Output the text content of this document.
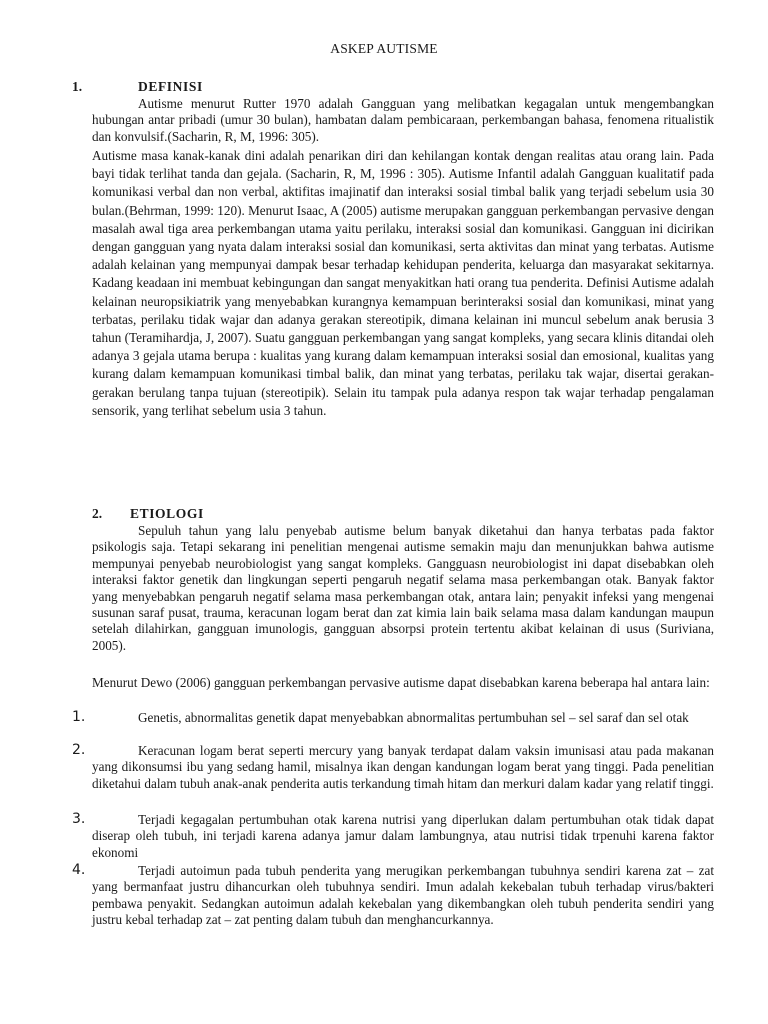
ASKEP AUTISME
1.	DEFINISI

Autisme menurut Rutter 1970 adalah Gangguan yang melibatkan kegagalan untuk mengembangkan hubungan antar pribadi (umur 30 bulan), hambatan dalam pembicaraan, perkembangan bahasa, fenomena ritualistik dan konvulsif.(Sacharin, R, M, 1996: 305).

Autisme masa kanak-kanak dini adalah penarikan diri dan kehilangan kontak dengan realitas atau orang lain. Pada bayi tidak terlihat tanda dan gejala. (Sacharin, R, M, 1996 : 305). Autisme Infantil adalah Gangguan kualitatif pada komunikasi verbal dan non verbal, aktifitas imajinatif dan interaksi sosial timbal balik yang terjadi sebelum usia 30 bulan.(Behrman, 1999: 120). Menurut Isaac, A (2005) autisme merupakan gangguan perkembangan pervasive dengan masalah awal tiga area perkembangan utama yaitu perilaku, interaksi sosial dan komunikasi. Gangguan ini dicirikan dengan gangguan yang nyata dalam interaksi sosial dan komunikasi, serta aktivitas dan minat yang terbatas. Autisme adalah kelainan yang mempunyai dampak besar terhadap kehidupan penderita, keluarga dan masyarakat sekitarnya. Kadang keadaan ini membuat kebingungan dan sangat menyakitkan hati orang tua penderita. Definisi Autisme adalah kelainan neuropsikiatrik yang menyebabkan kurangnya kemampuan berinteraksi sosial dan komunikasi, minat yang terbatas, perilaku tidak wajar dan adanya gerakan stereotipik, dimana kelainan ini muncul sebelum anak berusia 3 tahun (Teramihardja, J, 2007). Suatu gangguan perkembangan yang sangat kompleks, yang secara klinis ditandai oleh adanya 3 gejala utama berupa : kualitas yang kurang dalam kemampuan interaksi sosial dan emosional, kualitas yang kurang dalam kemampuan komunikasi timbal balik, dan minat yang terbatas, perilaku tak wajar, disertai gerakan-gerakan berulang tanpa tujuan (stereotipik). Selain itu tampak pula adanya respon tak wajar terhadap pengalaman sensorik, yang terlihat sebelum usia 3 tahun.

2. ETIOLOGI

Sepuluh tahun yang lalu penyebab autisme belum banyak diketahui dan hanya terbatas pada faktor psikologis saja. Tetapi sekarang ini penelitian mengenai autisme semakin maju dan menunjukkan bahwa autisme mempunyai penyebab neurobiologist yang sangat kompleks. Gangguasn neurobiologist ini dapat disebabkan oleh interaksi faktor genetik dan lingkungan seperti pengaruh negatif selama masa perkembangan otak. Banyak faktor yang menyebabkan pengaruh negatif selama masa perkembangan otak, antara lain; penyakit infeksi yang mengenai susunan saraf pusat, trauma, keracunan logam berat dan zat kimia lain baik selama masa dalam kandungan maupun setelah dilahirkan, gangguan imunologis, gangguan absorpsi protein tertentu akibat kelainan di usus (Suriviana, 2005).

Menurut Dewo (2006) gangguan perkembangan pervasive autisme dapat disebabkan karena beberapa hal antara lain:

1.	Genetis, abnormalitas genetik dapat menyebabkan abnormalitas pertumbuhan sel – sel saraf dan sel otak

2.	Keracunan logam berat seperti mercury yang banyak terdapat dalam vaksin imunisasi atau pada makanan yang dikonsumsi ibu yang sedang hamil, misalnya ikan dengan kandungan logam berat yang tinggi. Pada penelitian diketahui dalam tubuh anak-anak penderita autis terkandung timah hitam dan merkuri dalam kadar yang relatif tinggi.

3.	Terjadi kegagalan pertumbuhan otak karena nutrisi yang diperlukan dalam pertumbuhan otak tidak dapat diserap oleh tubuh, ini terjadi karena adanya jamur dalam lambungnya, atau nutrisi tidak trpenuhi karena faktor ekonomi

4.	Terjadi autoimun pada tubuh penderita yang merugikan perkembangan tubuhnya sendiri karena zat – zat yang bermanfaat justru dihancurkan oleh tubuhnya sendiri. Imun adalah kekebalan tubuh terhadap virus/bakteri pembawa penyakit. Sedangkan autoimun adalah kekebalan yang dikembangkan oleh tubuh penderita sendiri yang justru kebal terhadap zat – zat penting dalam tubuh dan menghancurkannya.
